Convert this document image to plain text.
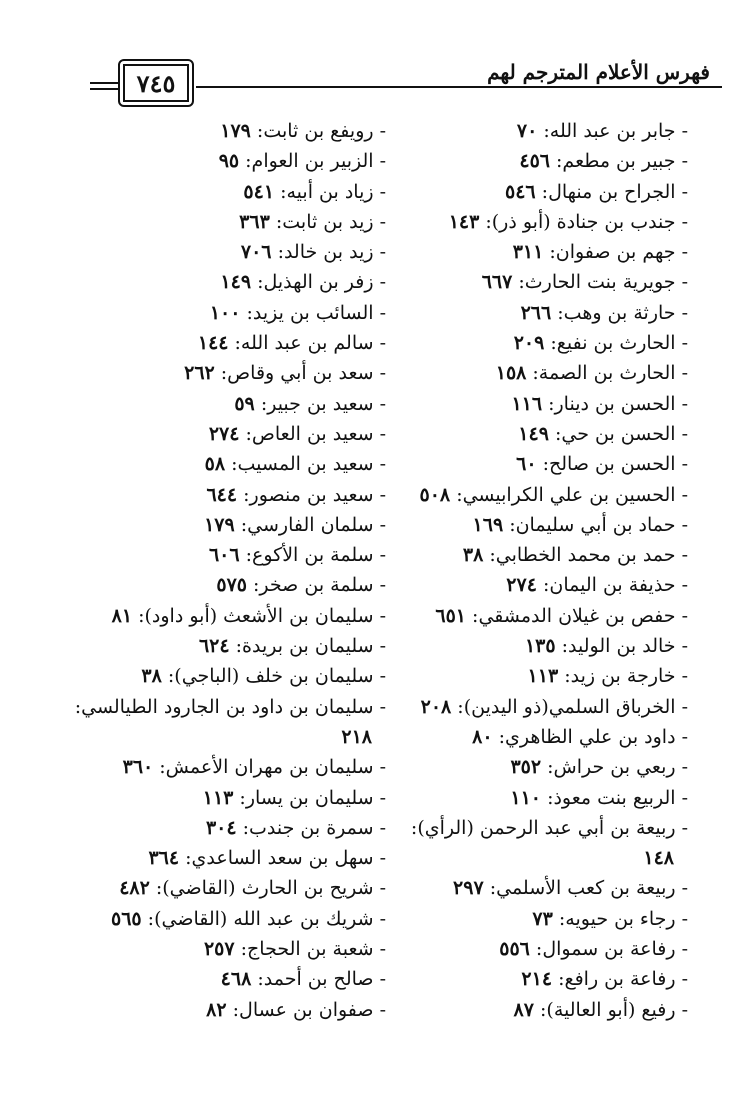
فهرس الأعلام المترجم لهم
٧٤٥
- جابر بن عبد الله: ٧٠
- جبير بن مطعم: ٤٥٦
- الجراح بن منهال: ٥٤٦
- جندب بن جنادة (أبو ذر): ١٤٣
- جهم بن صفوان: ٣١١
- جويرية بنت الحارث: ٦٦٧
- حارثة بن وهب: ٢٦٦
- الحارث بن نفيع: ٢٠٩
- الحارث بن الصمة: ١٥٨
- الحسن بن دينار: ١١٦
- الحسن بن حي: ١٤٩
- الحسن بن صالح: ٦٠
- الحسين بن علي الكرابيسي: ٥٠٨
- حماد بن أبي سليمان: ١٦٩
- حمد بن محمد الخطابي: ٣٨
- حذيفة بن اليمان: ٢٧٤
- حفص بن غيلان الدمشقي: ٦٥١
- خالد بن الوليد: ١٣٥
- خارجة بن زيد: ١١٣
- الخرباق السلمي(ذو اليدين): ٢٠٨
- داود بن علي الظاهري: ٨٠
- ربعي بن حراش: ٣٥٢
- الربيع بنت معوذ: ١١٠
- ربيعة بن أبي عبد الرحمن (الرأي):
١٤٨
- ربيعة بن كعب الأسلمي: ٢٩٧
- رجاء بن حيويه: ٧٣
- رفاعة بن سموال: ٥٥٦
- رفاعة بن رافع: ٢١٤
- رفيع (أبو العالية): ٨٧
- رويفع بن ثابت: ١٧٩
- الزبير بن العوام: ٩٥
- زياد بن أبيه: ٥٤١
- زيد بن ثابت: ٣٦٣
- زيد بن خالد: ٧٠٦
- زفر بن الهذيل: ١٤٩
- السائب بن يزيد: ١٠٠
- سالم بن عبد الله: ١٤٤
- سعد بن أبي وقاص: ٢٦٢
- سعيد بن جبير: ٥٩
- سعيد بن العاص: ٢٧٤
- سعيد بن المسيب: ٥٨
- سعيد بن منصور: ٦٤٤
- سلمان الفارسي: ١٧٩
- سلمة بن الأكوع: ٦٠٦
- سلمة بن صخر: ٥٧٥
- سليمان بن الأشعث (أبو داود): ٨١
- سليمان بن بريدة: ٦٢٤
- سليمان بن خلف (الباجي): ٣٨
- سليمان بن داود بن الجارود الطيالسي:
٢١٨
- سليمان بن مهران الأعمش: ٣٦٠
- سليمان بن يسار: ١١٣
- سمرة بن جندب: ٣٠٤
- سهل بن سعد الساعدي: ٣٦٤
- شريح بن الحارث (القاضي): ٤٨٢
- شريك بن عبد الله (القاضي): ٥٦٥
- شعبة بن الحجاج: ٢٥٧
- صالح بن أحمد: ٤٦٨
- صفوان بن عسال: ٨٢
